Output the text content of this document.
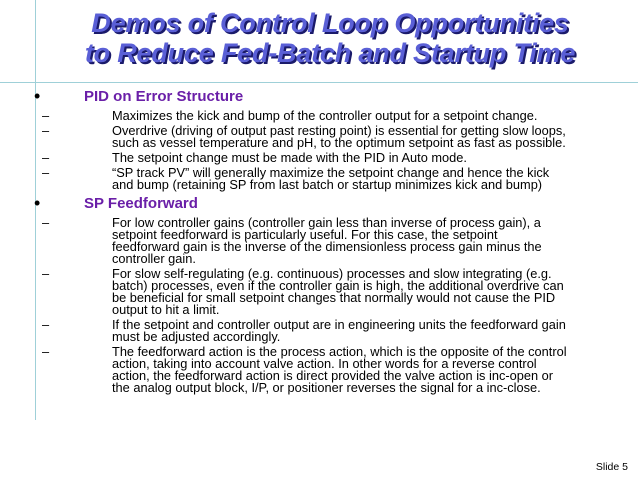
Demos of Control Loop Opportunities
to Reduce Fed-Batch and Startup Time
•	PID on Error Structure
–	Maximizes the kick and bump of the controller output for a setpoint change.
–	Overdrive (driving of output past resting point) is essential for getting slow loops,
such as vessel temperature and pH, to the optimum setpoint as fast as possible.
–	The setpoint change must be made with the PID in Auto mode.
–	“SP track PV” will generally maximize the setpoint change and hence the kick
and bump (retaining SP from last batch or startup minimizes kick and bump)
•	SP Feedforward
–	For low controller gains (controller gain less than inverse of process gain), a
setpoint feedforward is particularly useful. For this case, the setpoint
feedforward gain is the inverse of the dimensionless process gain minus the
controller gain.
–	For slow self-regulating (e.g. continuous) processes and slow integrating (e.g.
batch) processes, even if the controller gain is high, the additional overdrive can
be beneficial for small setpoint changes that normally would not cause the PID
output to hit a limit.
–	If the setpoint and controller output are in engineering units the feedforward gain
must be adjusted accordingly.
–	The feedforward action is the process action, which is the opposite of the control
action, taking into account valve action. In other words for a reverse control
action, the feedforward action is direct provided the valve action is inc-open or
the analog output block, I/P, or positioner reverses the signal for a inc-close.
Slide 5
